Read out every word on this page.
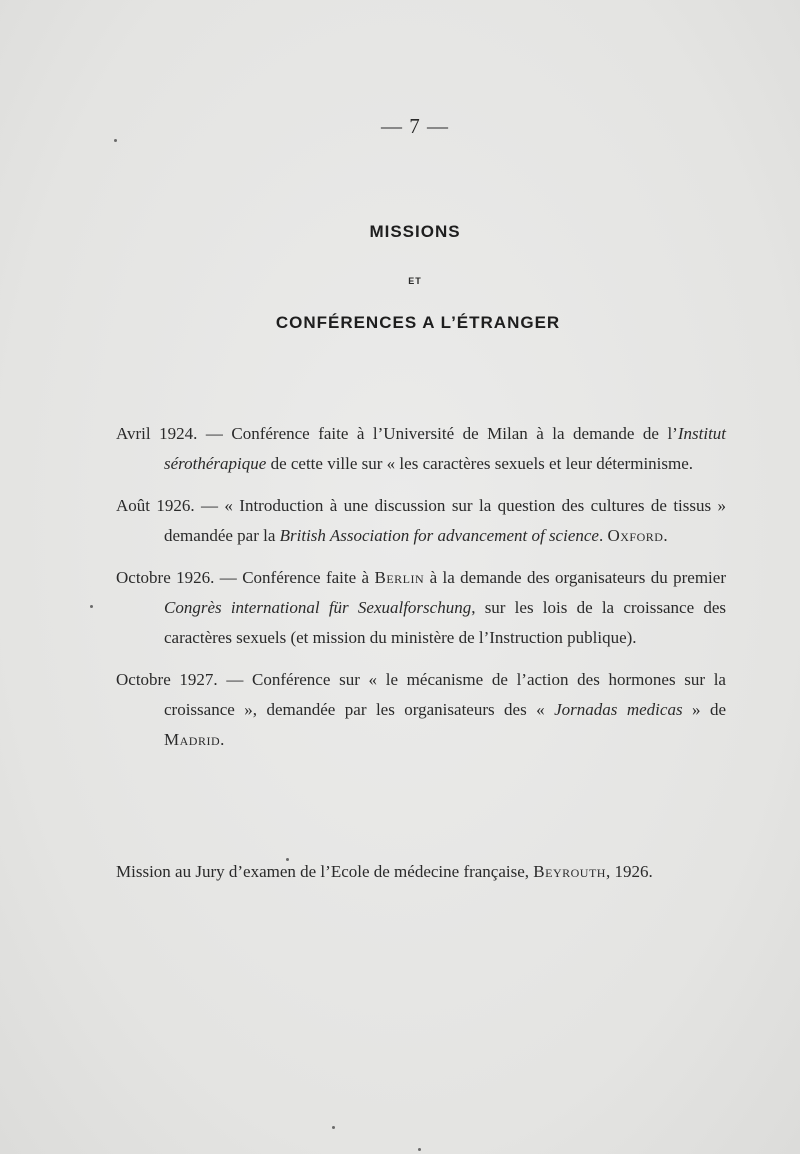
— 7 —
MISSIONS
ET
CONFÉRENCES A L’ÉTRANGER

Avril 1924. — Conférence faite à l’Université de Milan à la demande de l’Institut sérothérapique de cette ville sur « les caractères sexuels et leur déterminisme.

Août 1926. — « Introduction à une discussion sur la question des cultures de tissus » demandée par la British Association for advancement of science. Oxford.

Octobre 1926. — Conférence faite à Berlin à la demande des organisateurs du premier Congrès international für Sexualforschung, sur les lois de la croissance des caractères sexuels (et mission du ministère de l’Instruction publique).

Octobre 1927. — Conférence sur « le mécanisme de l’action des hormones sur la croissance », demandée par les organisateurs des « Jornadas medicas » de Madrid.

Mission au Jury d’examen de l’Ecole de médecine française, Beyrouth, 1926.
